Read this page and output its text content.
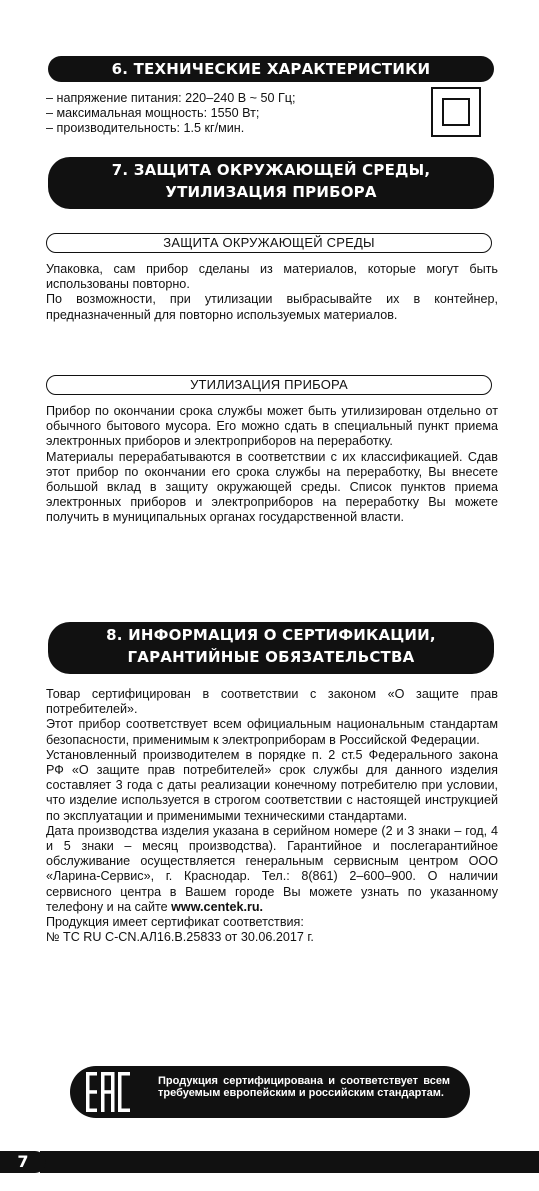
6. ТЕХНИЧЕСКИЕ ХАРАКТЕРИСТИКИ
– напряжение питания: 220–240 В ~ 50 Гц;
– максимальная мощность: 1550 Вт;
– производительность: 1.5 кг/мин.
7. ЗАЩИТА ОКРУЖАЮЩЕЙ СРЕДЫ,
УТИЛИЗАЦИЯ ПРИБОРА
ЗАЩИТА ОКРУЖАЮЩЕЙ СРЕДЫ

Упаковка, сам прибор сделаны из материалов, которые могут быть использованы повторно.

По возможности, при утилизации выбрасывайте их в контейнер, предназначенный для повторно используемых материалов.

УТИЛИЗАЦИЯ ПРИБОРА

Прибор по окончании срока службы может быть утилизирован отдельно от обычного бытового мусора. Его можно сдать в специальный пункт приема электронных приборов и электроприборов на переработку.

Материалы перерабатываются в соответствии с их классификацией. Сдав этот прибор по окончании его срока службы на переработку, Вы внесете большой вклад в защиту окружающей среды. Список пунктов приема электронных приборов и электроприборов на переработку Вы можете получить в муниципальных органах государственной власти.

8. ИНФОРМАЦИЯ О СЕРТИФИКАЦИИ,
ГАРАНТИЙНЫЕ ОБЯЗАТЕЛЬСТВА

Товар сертифицирован в соответствии с законом «О защите прав потребителей».

Этот прибор соответствует всем официальным национальным стандартам безопасности, применимым к электроприборам в Российской Федерации.

Установленный производителем в порядке п. 2 ст.5 Федерального закона РФ «О защите прав потребителей» срок службы для данного изделия составляет 3 года с даты реализации конечному потребителю при условии, что изделие используется в строгом соответствии с настоящей инструкцией по эксплуатации и применимыми техническими стандартами.

Дата производства изделия указана в серийном номере (2 и 3 знаки – год, 4 и 5 знаки – месяц производства). Гарантийное и послегарантийное обслуживание осуществляется генеральным сервисным центром ООО «Ларина-Сервис», г. Краснодар. Тел.: 8(861) 2–600–900. О наличии сервисного центра в Вашем городе Вы можете узнать по указанному телефону и на сайте www.centek.ru.

Продукция имеет сертификат соответствия:

№ ТС RU C-CN.АЛ16.В.25833 от 30.06.2017 г.

Продукция сертифицирована и соответствует всем требуемым европейским и российским стандартам.
7
